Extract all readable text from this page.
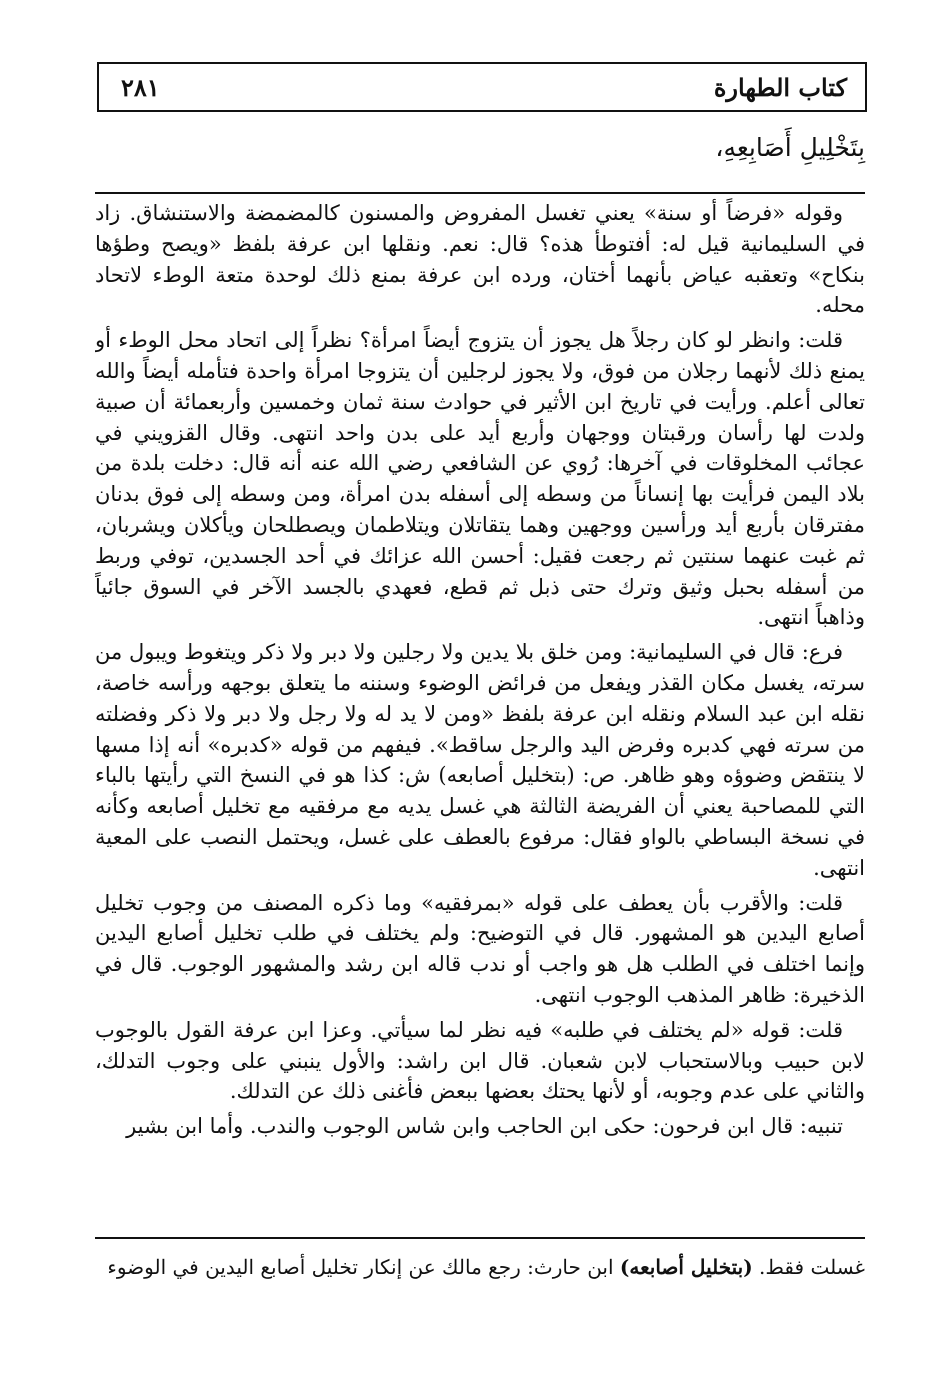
كتاب الطهارة
٢٨١
بِتَخْلِيلِ أَصَابِعِهِ،

وقوله «فرضاً أو سنة» يعني تغسل المفروض والمسنون كالمضمضة والاستنشاق. زاد في السليمانية قيل له: أفتوطأ هذه؟ قال: نعم. ونقلها ابن عرفة بلفظ «ويصح وطؤها بنكاح» وتعقبه عياض بأنهما أختان، ورده ابن عرفة بمنع ذلك لوحدة متعة الوطء لاتحاد محله.

قلت: وانظر لو كان رجلاً هل يجوز أن يتزوج أيضاً امرأة؟ نظراً إلى اتحاد محل الوطء أو يمنع ذلك لأنهما رجلان من فوق، ولا يجوز لرجلين أن يتزوجا امرأة واحدة فتأمله أيضاً والله تعالى أعلم. ورأيت في تاريخ ابن الأثير في حوادث سنة ثمان وخمسين وأربعمائة أن صبية ولدت لها رأسان ورقبتان ووجهان وأربع أيد على بدن واحد انتهى. وقال القزويني في عجائب المخلوقات في آخرها: رُوي عن الشافعي رضي الله عنه أنه قال: دخلت بلدة من بلاد اليمن فرأيت بها إنساناً من وسطه إلى أسفله بدن امرأة، ومن وسطه إلى فوق بدنان مفترقان بأربع أيد ورأسين ووجهين وهما يتقاتلان ويتلاطمان ويصطلحان ويأكلان ويشربان، ثم غبت عنهما سنتين ثم رجعت فقيل: أحسن الله عزائك في أحد الجسدين، توفي وربط من أسفله بحبل وثيق وترك حتى ذبل ثم قطع، فعهدي بالجسد الآخر في السوق جائياً وذاهباً انتهى.

فرع: قال في السليمانية: ومن خلق بلا يدين ولا رجلين ولا دبر ولا ذكر ويتغوط ويبول من سرته، يغسل مكان القذر ويفعل من فرائض الوضوء وسننه ما يتعلق بوجهه ورأسه خاصة، نقله ابن عبد السلام ونقله ابن عرفة بلفظ «ومن لا يد له ولا رجل ولا دبر ولا ذكر وفضلته من سرته فهي كدبره وفرض اليد والرجل ساقط». فيفهم من قوله «كدبره» أنه إذا مسها لا ينتقض وضوؤه وهو ظاهر. ص: (بتخليل أصابعه) ش: كذا هو في النسخ التي رأيتها بالباء التي للمصاحبة يعني أن الفريضة الثالثة هي غسل يديه مع مرفقيه مع تخليل أصابعه وكأنه في نسخة البساطي بالواو فقال: مرفوع بالعطف على غسل، ويحتمل النصب على المعية انتهى.

قلت: والأقرب بأن يعطف على قوله «بمرفقيه» وما ذكره المصنف من وجوب تخليل أصابع اليدين هو المشهور. قال في التوضيح: ولم يختلف في طلب تخليل أصابع اليدين وإنما اختلف في الطلب هل هو واجب أو ندب قاله ابن رشد والمشهور الوجوب. قال في الذخيرة: ظاهر المذهب الوجوب انتهى.

قلت: قوله «لم يختلف في طلبه» فيه نظر لما سيأتي. وعزا ابن عرفة القول بالوجوب لابن حبيب وبالاستحباب لابن شعبان. قال ابن راشد: والأول ينبني على وجوب التدلك، والثاني على عدم وجوبه، أو لأنها يحتك بعضها ببعض فأغنى ذلك عن التدلك.

تنبيه: قال ابن فرحون: حكى ابن الحاجب وابن شاس الوجوب والندب. وأما ابن بشير

غسلت فقط. (بتخليل أصابعه) ابن حارث: رجع مالك عن إنكار تخليل أصابع اليدين في الوضوء
